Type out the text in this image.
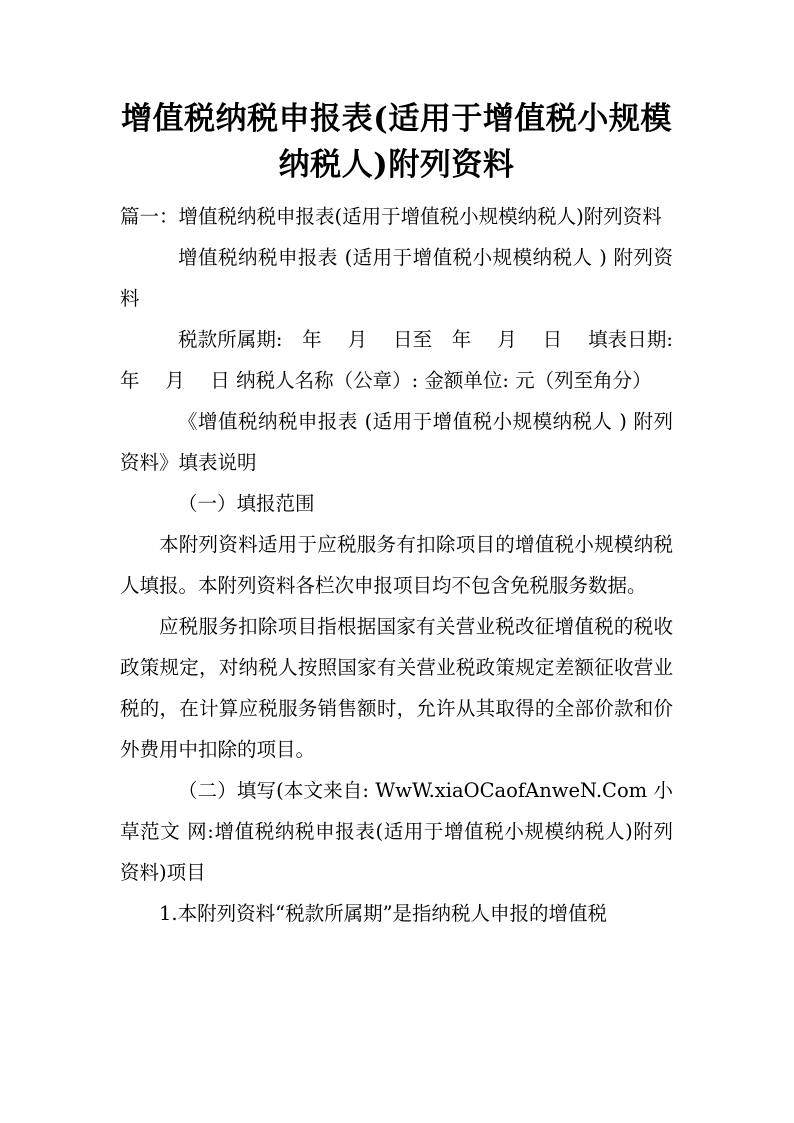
增值税纳税申报表(适用于增值税小规模纳税人)附列资料

篇一：增值税纳税申报表(适用于增值税小规模纳税人)附列资料

增值税纳税申报表 (适用于增值税小规模纳税人 ) 附列资料

税款所属期:　年　 月　 日至　年　 月　 日　 填表日期: 年　 月　 日 纳税人名称（公章）: 金额单位: 元（列至角分）

《增值税纳税申报表 (适用于增值税小规模纳税人 ) 附列资料》填表说明

（一）填报范围

本附列资料适用于应税服务有扣除项目的增值税小规模纳税人填报。本附列资料各栏次申报项目均不包含免税服务数据。

应税服务扣除项目指根据国家有关营业税改征增值税的税收政策规定，对纳税人按照国家有关营业税政策规定差额征收营业税的，在计算应税服务销售额时，允许从其取得的全部价款和价外费用中扣除的项目。

（二）填写(本文来自: WwW.xiaOCaofAnweN.Com 小草范文 网:增值税纳税申报表(适用于增值税小规模纳税人)附列资料)项目

1.本附列资料“税款所属期”是指纳税人申报的增值税
